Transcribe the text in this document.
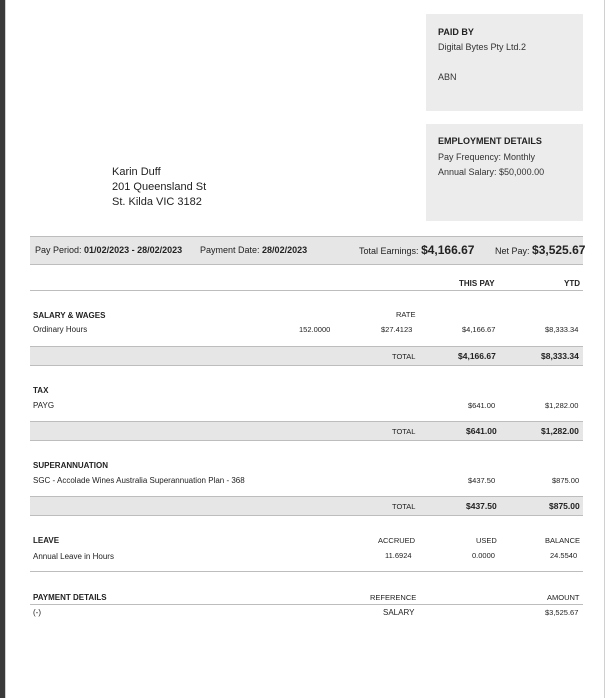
PAID BY
Digital Bytes Pty Ltd.2
ABN
EMPLOYMENT DETAILS
Pay Frequency: Monthly
Annual Salary: $50,000.00
Karin Duff
201 Queensland St
St. Kilda VIC 3182
Pay Period: 01/02/2023 - 28/02/2023 Payment Date: 28/02/2023	Total Earnings: $4,166.67 Net Pay: $3,525.67
THIS PAY	YTD
SALARY & WAGES	RATE
Ordinary Hours	152.0000	$27.4123	$4,166.67	$8,333.34
TOTAL	$4,166.67	$8,333.34
TAX
PAYG	$641.00	$1,282.00
TOTAL	$641.00	$1,282.00
SUPERANNUATION
SGC - Accolade Wines Australia Superannuation Plan - 368	$437.50	$875.00
TOTAL	$437.50	$875.00
LEAVE	ACCRUED	USED	BALANCE
Annual Leave in Hours	11.6924	0.0000	24.5540
PAYMENT DETAILS	REFERENCE	AMOUNT
(-)	SALARY	$3,525.67
